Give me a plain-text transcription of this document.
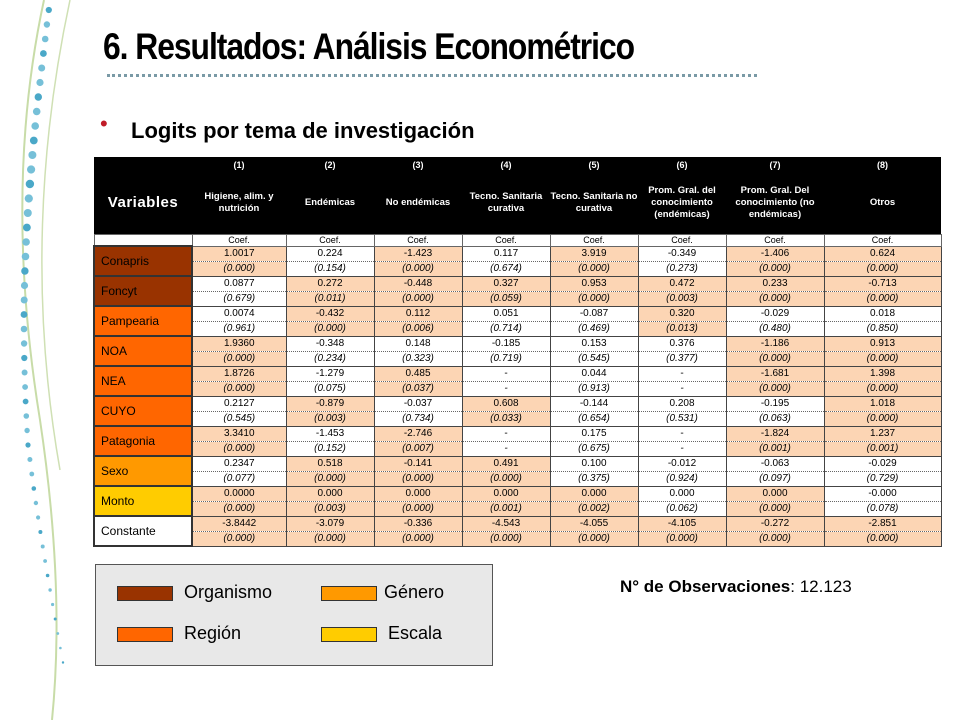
6. Resultados: Análisis Econométrico
• Logits por tema de investigación
	(1)	(2)	(3)	(4)	(5)	(6)	(7)	(8)
Variables	Higiene, alim. y nutrición	Endémicas	No endémicas	Tecno. Sanitaria curativa	Tecno. Sanitaria no curativa	Prom. Gral. del conocimiento (endémicas)	Prom. Gral. Del conocimiento (no endémicas)	Otros
	Coef.	Coef.	Coef.	Coef.	Coef.	Coef.	Coef.	Coef.
Conapris	1.0017	0.224	-1.423	0.117	3.919	-0.349	-1.406	0.624
	(0.000)	(0.154)	(0.000)	(0.674)	(0.000)	(0.273)	(0.000)	(0.000)
Foncyt	0.0877	0.272	-0.448	0.327	0.953	0.472	0.233	-0.713
	(0.679)	(0.011)	(0.000)	(0.059)	(0.000)	(0.003)	(0.000)	(0.000)
Pampearia	0.0074	-0.432	0.112	0.051	-0.087	0.320	-0.029	0.018
	(0.961)	(0.000)	(0.006)	(0.714)	(0.469)	(0.013)	(0.480)	(0.850)
NOA	1.9360	-0.348	0.148	-0.185	0.153	0.376	-1.186	0.913
	(0.000)	(0.234)	(0.323)	(0.719)	(0.545)	(0.377)	(0.000)	(0.000)
NEA	1.8726	-1.279	0.485	-	0.044	-	-1.681	1.398
	(0.000)	(0.075)	(0.037)	-	(0.913)	-	(0.000)	(0.000)
CUYO	0.2127	-0.879	-0.037	0.608	-0.144	0.208	-0.195	1.018
	(0.545)	(0.003)	(0.734)	(0.033)	(0.654)	(0.531)	(0.063)	(0.000)
Patagonia	3.3410	-1.453	-2.746	-	0.175	-	-1.824	1.237
	(0.000)	(0.152)	(0.007)	-	(0.675)	-	(0.001)	(0.001)
Sexo	0.2347	0.518	-0.141	0.491	0.100	-0.012	-0.063	-0.029
	(0.077)	(0.000)	(0.000)	(0.000)	(0.375)	(0.924)	(0.097)	(0.729)
Monto	0.0000	0.000	0.000	0.000	0.000	0.000	0.000	-0.000
	(0.000)	(0.003)	(0.000)	(0.001)	(0.002)	(0.062)	(0.000)	(0.078)
Constante	-3.8442	-3.079	-0.336	-4.543	-4.055	-4.105	-0.272	-2.851
	(0.000)	(0.000)	(0.000)	(0.000)	(0.000)	(0.000)	(0.000)	(0.000)
Organismo	Género
Región	Escala
N° de Observaciones: 12.123
